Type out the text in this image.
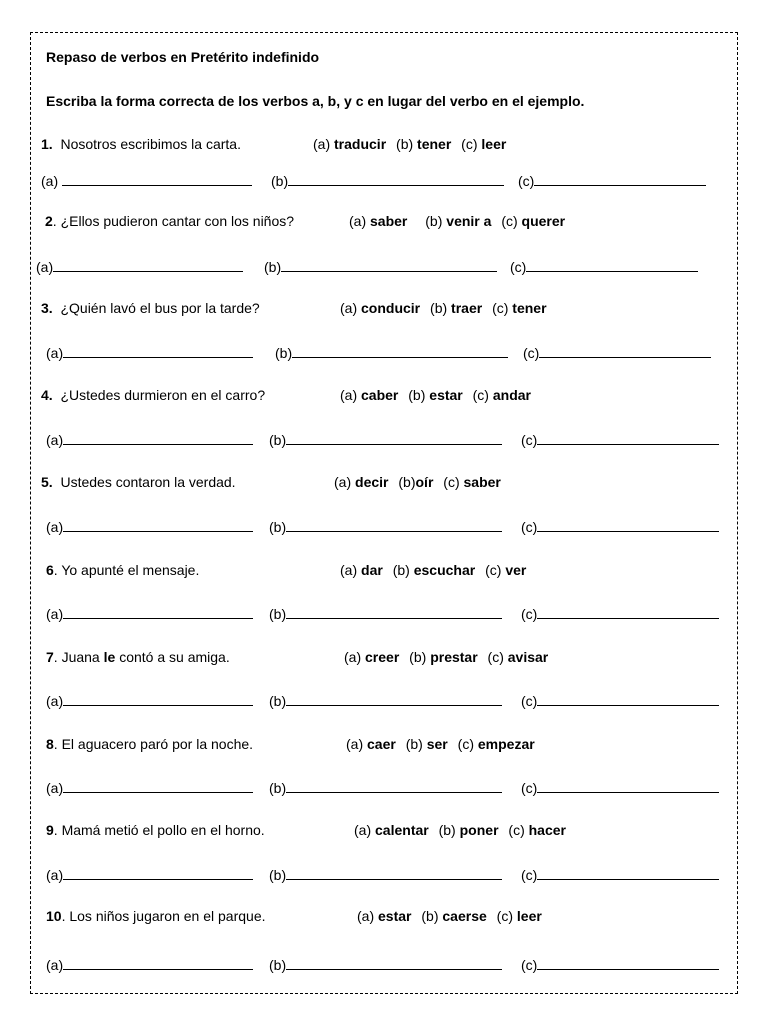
Repaso de verbos en Pretérito indefinido
Escriba la forma correcta de los verbos a, b, y c en lugar del verbo en el ejemplo.
1. Nosotros escribimos la carta.	(a) traducir (b) tener (c) leer
(a)	(b)	(c)
2. ¿Ellos pudieron cantar con los niños?	(a) saber (b) venir a (c) querer
(a)	(b)	(c)
3. ¿Quién lavó el bus por la tarde?	(a) conducir (b) traer (c) tener
(a)	(b)	(c)
4. ¿Ustedes durmieron en el carro?	(a) caber (b) estar (c) andar
(a)	(b)	(c)
5. Ustedes contaron la verdad.	(a) decir (b)oír (c) saber
(a)	(b)	(c)
6. Yo apunté el mensaje.	(a) dar (b) escuchar (c) ver
(a)	(b)	(c)
7. Juana le contó a su amiga.	(a) creer (b) prestar (c) avisar
(a)	(b)	(c)
8. El aguacero paró por la noche.	(a) caer (b) ser (c) empezar
(a)	(b)	(c)
9. Mamá metió el pollo en el horno.	(a) calentar (b) poner (c) hacer
(a)	(b)	(c)
10. Los niños jugaron en el parque.	(a) estar (b) caerse (c) leer
(a)	(b)	(c)
